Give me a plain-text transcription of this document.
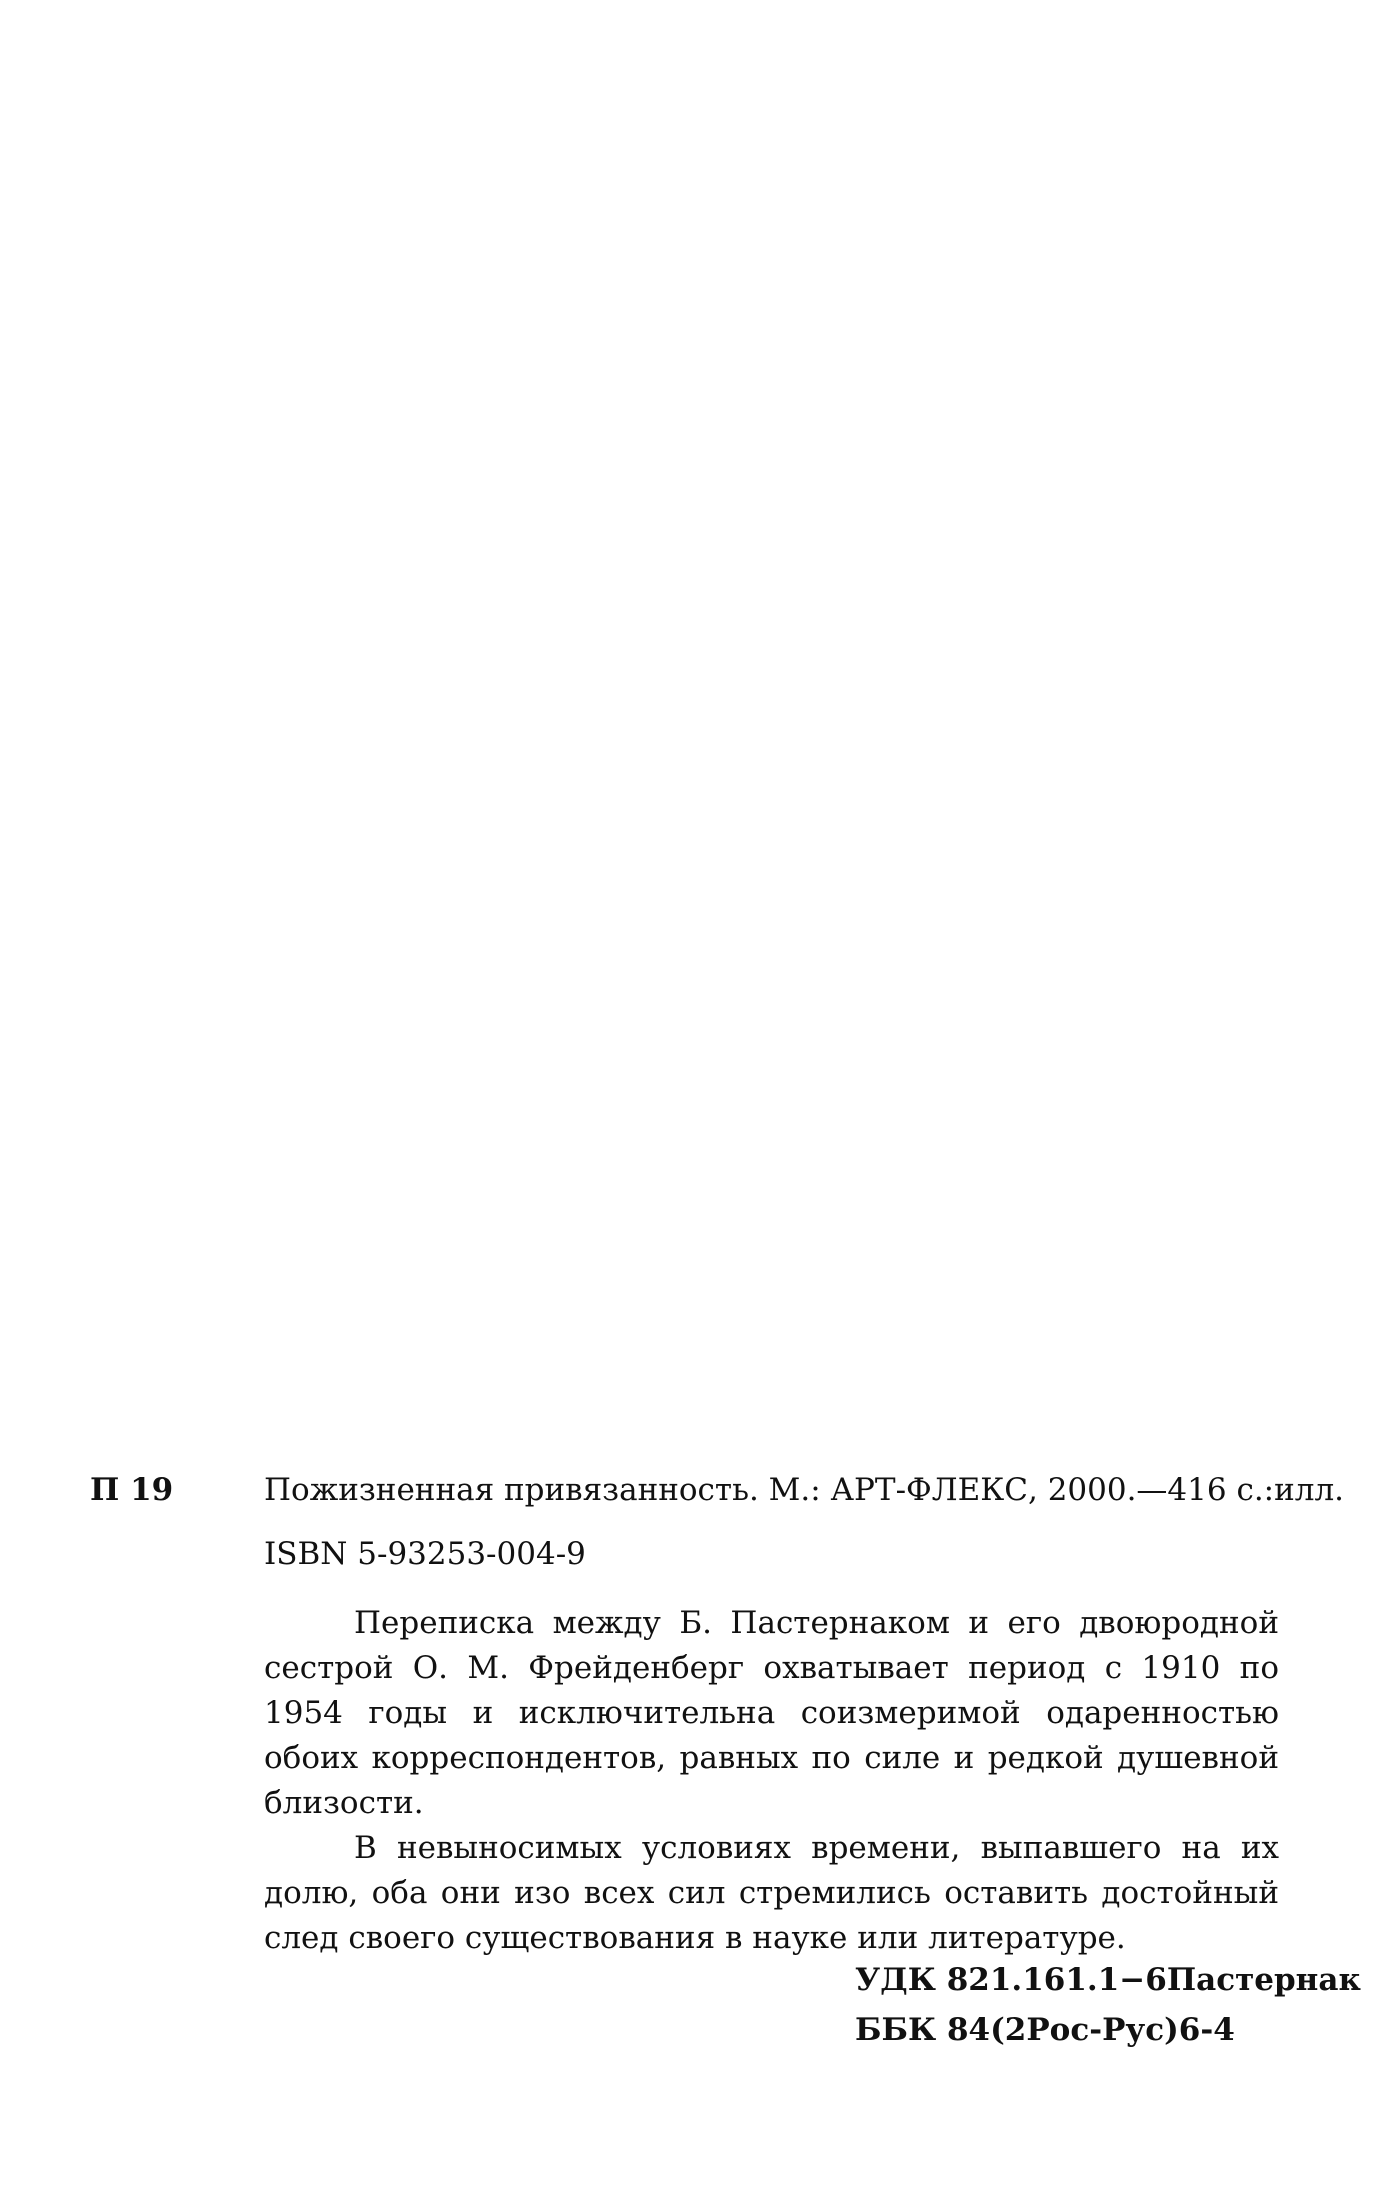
П 19	Пожизненная привязанность. М.: АРТ-ФЛЕКС, 2000.—416 с.:илл.
ISBN 5-93253-004-9

Переписка между Б. Пастернаком и его двоюродной сестрой О. М. Фрейденберг охватывает период с 1910 по 1954 годы и исключительна соизмеримой одаренностью обоих корреспондентов, равных по силе и редкой душевной близости.

В невыносимых условиях времени, выпавшего на их долю, оба они изо всех сил стремились оставить достойный след своего существования в науке или литературе.

УДК 821.161.1−6Пастернак
ББК 84(2Рос-Рус)6-4
